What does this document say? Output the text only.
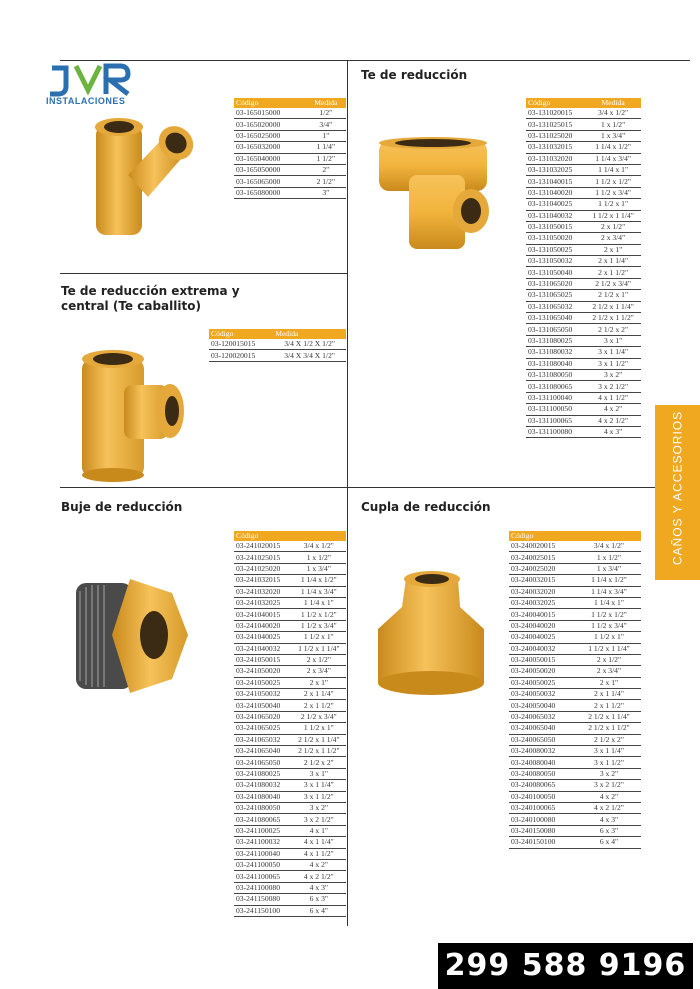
INSTALACIONES	Código	Medida
03-165015000	1/2"
03-165020000	3/4"
03-165025000	1"
03-165032000	1 1/4"
03-165040000	1 1/2"
03-165050000	2"
03-165065000	2 1/2"
03-165080000	3"
Te de reducción
Código	Medida
03-131020015	3/4 x 1/2"
03-131025015	1 x 1/2"
03-131025020	1 x 3/4"
03-131032015	1 1/4 x 1/2"
03-131032020	1 1/4 x 3/4"
03-131032025	1 1/4 x 1"
03-131040015	1 1/2 x 1/2"
03-131040020	1 1/2 x 3/4"
03-131040025	1 1/2 x 1"
03-131040032	1 1/2 x 1 1/4"
03-131050015	2 x 1/2"
03-131050020	2 x 3/4"
03-131050025	2 x 1"
03-131050032	2 x 1 1/4"
03-131050040	2 x 1 1/2"
03-131065020	2 1/2 x 3/4"
03-131065025	2 1/2 x 1"
03-131065032	2 1/2 x 1 1/4"
03-131065040	2 1/2 x 1 1/2"
03-131065050	2 1/2 x 2"
03-131080025	3 x 1"
03-131080032	3 x 1 1/4"
03-131080040	3 x 1 1/2"
03-131080050	3 x 2"
03-131080065	3 x 2 1/2"
03-131100040	4 x 1 1/2"
03-131100050	4 x 2"
03-131100065	4 x 2 1/2"
03-131100080	4 x 3"
Te de reducción extrema y
central (Te caballito)
Código	Medida
03-120015015	3/4 X 1/2 X 1/2"
03-120020015	3/4 X 3/4 X 1/2"
Buje de reducción
Código	
03-241020015	3/4 x 1/2"
03-241025015	1 x 1/2"
03-241025020	1 x 3/4"
03-241032015	1 1/4 x 1/2"
03-241032020	1 1/4 x 3/4"
03-241032025	1 1/4 x 1"
03-241040015	1 1/2 x 1/2"
03-241040020	1 1/2 x 3/4"
03-241040025	1 1/2 x 1"
03-241040032	1 1/2 x 1 1/4"
03-241050015	2 x 1/2"
03-241050020	2 x 3/4"
03-241050025	2 x 1"
03-241050032	2 x 1 1/4"
03-241050040	2 x 1 1/2"
03-241065020	2 1/2 x 3/4"
03-241065025	1 1/2 x 1"
03-241065032	2 1/2 x 1 1/4"
03-241065040	2 1/2 x 1 1/2"
03-241065050	2 1/2 x 2"
03-241080025	3 x 1"
03-241080032	3 x 1 1/4"
03-241080040	3 x 1 1/2"
03-241080050	3 x 2"
03-241080065	3 x 2 1/2"
03-241100025	4 x 1"
03-241100032	4 x 1 1/4"
03-241100040	4 x 1 1/2"
03-241100050	4 x 2"
03-241100065	4 x 2 1/2"
03-241100080	4 x 3"
03-241150080	6 x 3"
03-241150100	6 x 4"
Cupla de reducción
Código	
03-240020015	3/4 x 1/2"
03-240025015	1 x 1/2"
03-240025020	1 x 3/4"
03-240032015	1 1/4 x 1/2"
03-240032020	1 1/4 x 3/4"
03-240032025	1 1/4 x 1"
03-240040015	1 1/2 x 1/2"
03-240040020	1 1/2 x 3/4"
03-240040025	1 1/2 x 1"
03-240040032	1 1/2 x 1 1/4"
03-240050015	2 x 1/2"
03-240050020	2 x 3/4"
03-240050025	2 x 1"
03-240050032	2 x 1 1/4"
03-240050040	2 x 1 1/2"
03-240065032	2 1/2 x 1 1/4"
03-240065040	2 1/2 x 1 1/2"
03-240065050	2 1/2 x 2"
03-240080032	3 x 1 1/4"
03-240080040	3 x 1 1/2"
03-240080050	3 x 2"
03-240080065	3 x 2 1/2"
03-240100050	4 x 2"
03-240100065	4 x 2 1/2"
03-240100080	4 x 3"
03-240150080	6 x 3"
03-240150100	6 x 4"
CAÑOS Y ACCESORIOS
299 588 9196
